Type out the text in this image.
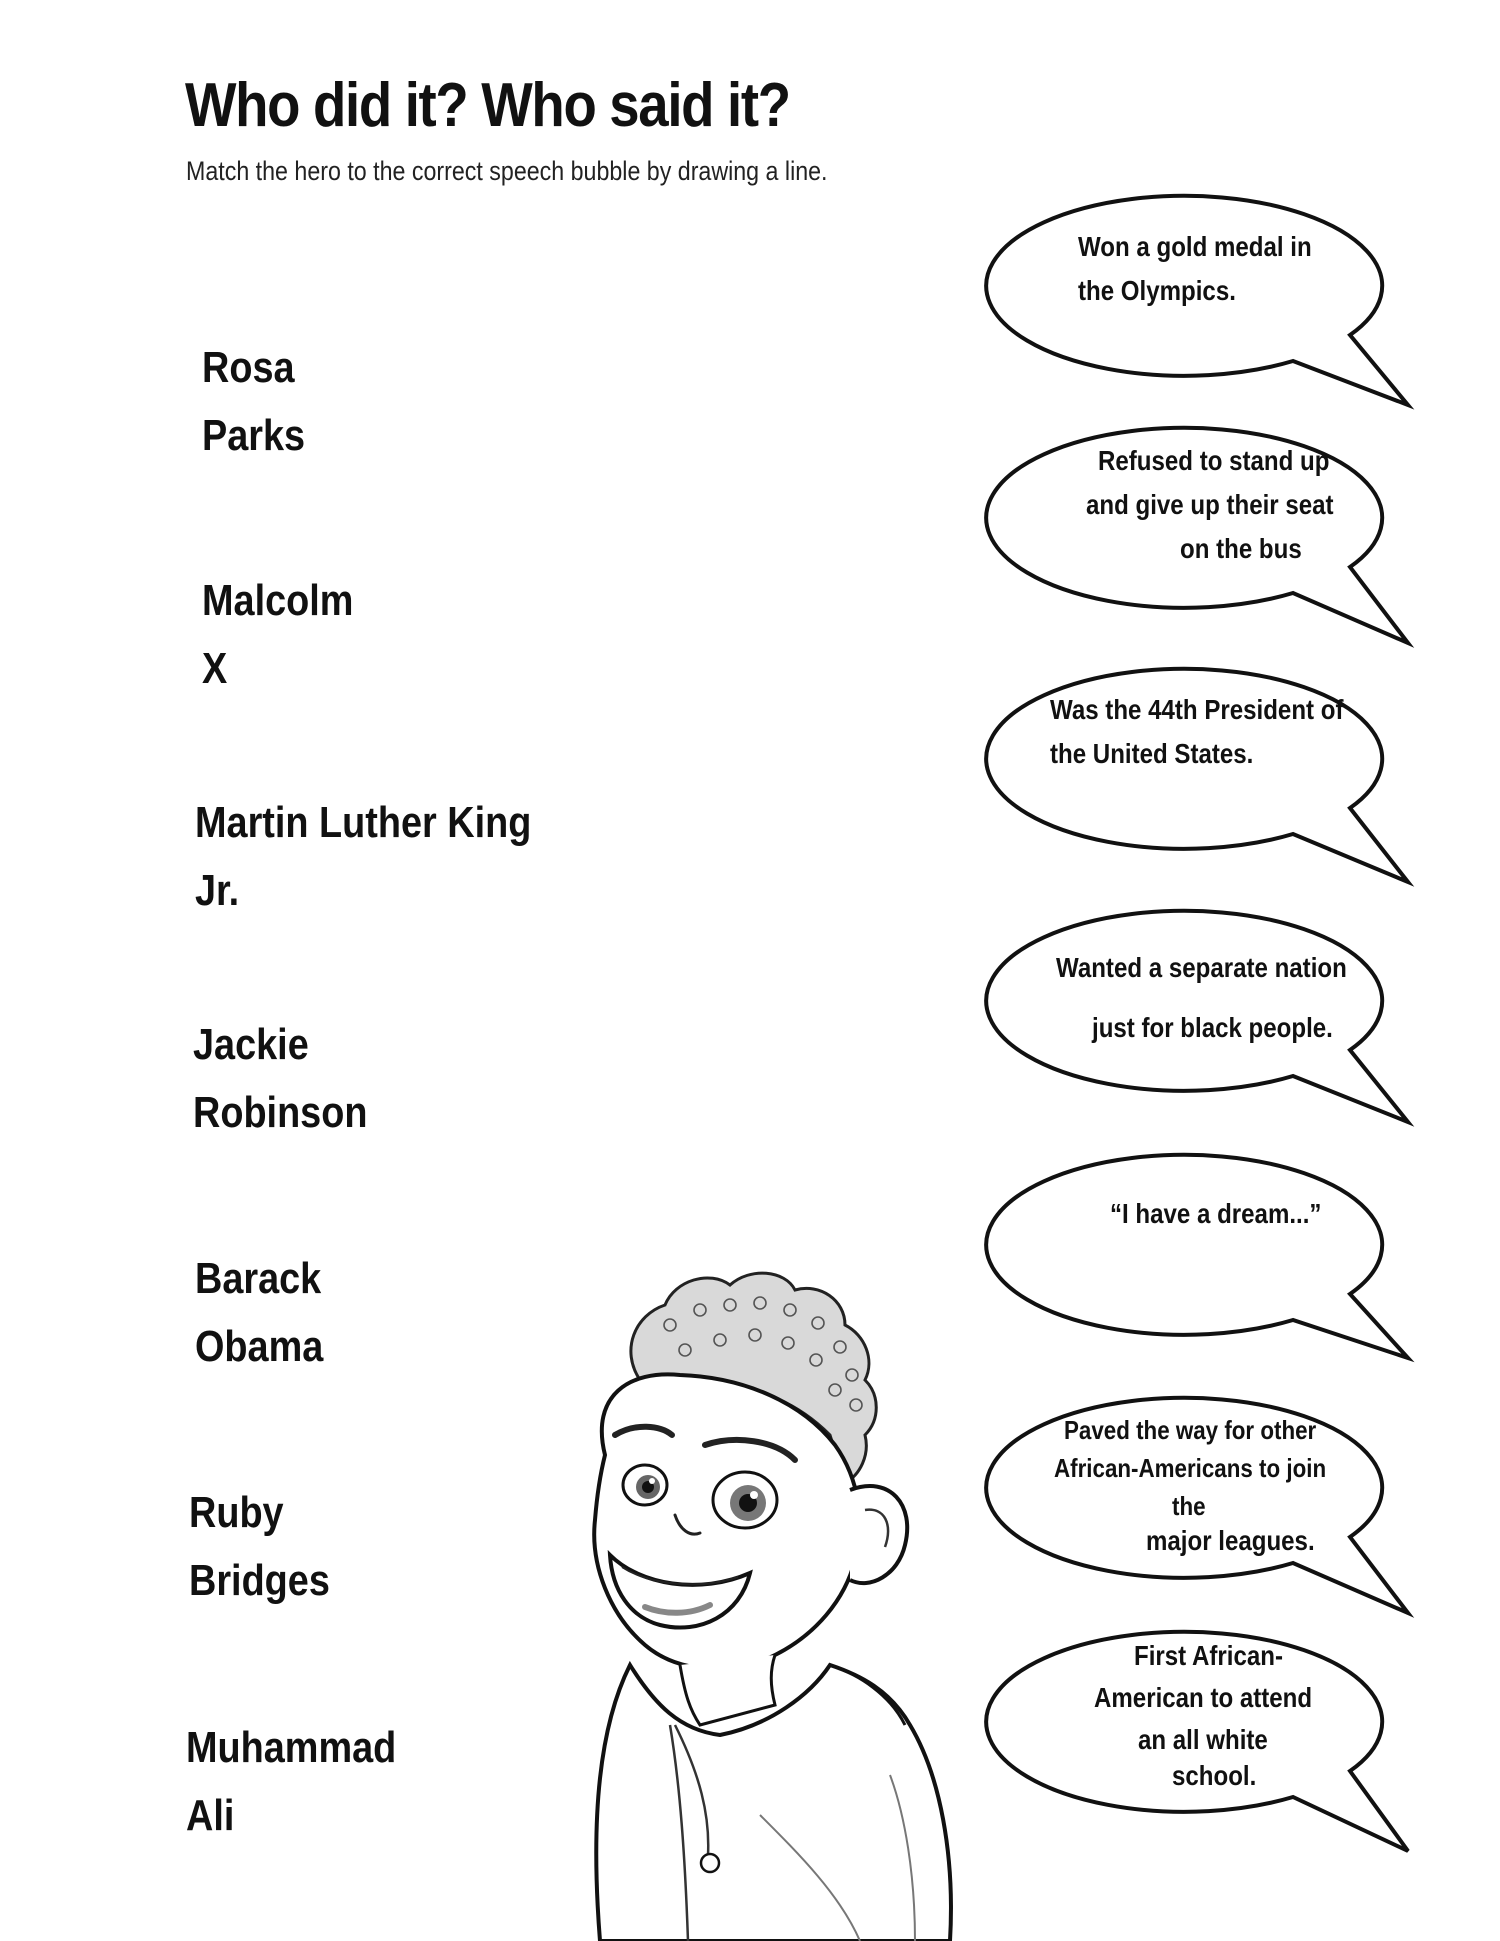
Who did it? Who said it?
Match the hero to the correct speech bubble by drawing a line.
Rosa
Parks
Malcolm
X
Martin Luther King
Jr.
Jackie
Robinson
Barack
Obama
Ruby
Bridges
Muhammad
Ali
Won a gold medal in
the Olympics.
Refused to stand up
and give up their seat
on the bus
Was the 44th President of
the United States.
Wanted a separate nation
just for black people.
“I have a dream...”
Paved the way for other
African-Americans to join
the
major leagues.
First African-
American to attend
an all white
school.
